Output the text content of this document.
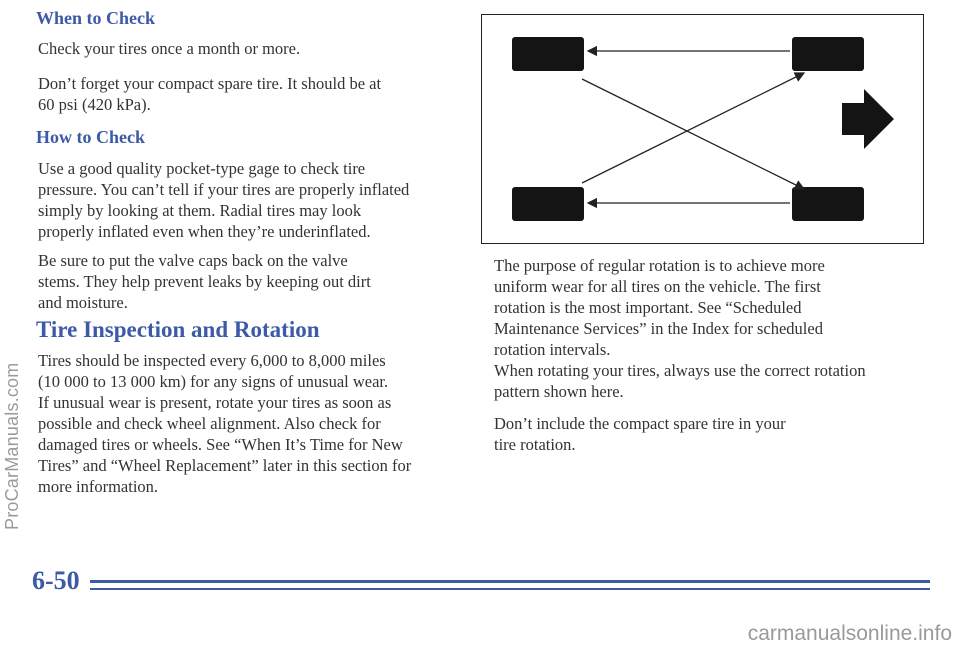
When to Check
Check your tires once a month or more.
Don’t forget your compact spare tire. It should be at
60 psi (420 kPa).
How to Check
Use a good quality pocket-type gage to check tire
pressure. You can’t tell if your tires are properly inflated
simply by looking at them. Radial tires may look
properly inflated even when they’re underinflated.
Be sure to put the valve caps back on the valve
stems. They help prevent leaks by keeping out dirt
and moisture.
Tire Inspection and Rotation
Tires should be inspected every 6,000 to 8,000 miles
(10 000 to 13 000 km) for any signs of unusual wear.
If unusual wear is present, rotate your tires as soon as
possible and check wheel alignment. Also check for
damaged tires or wheels. See “When It’s Time for New
Tires” and “Wheel Replacement” later in this section for
more information.
The purpose of regular rotation is to achieve more
uniform wear for all tires on the vehicle. The first
rotation is the most important. See “Scheduled
Maintenance Services” in the Index for scheduled
rotation intervals.
When rotating your tires, always use the correct rotation
pattern shown here.
Don’t include the compact spare tire in your
tire rotation.
6-50
ProCarManuals.com
carmanualsonline.info
